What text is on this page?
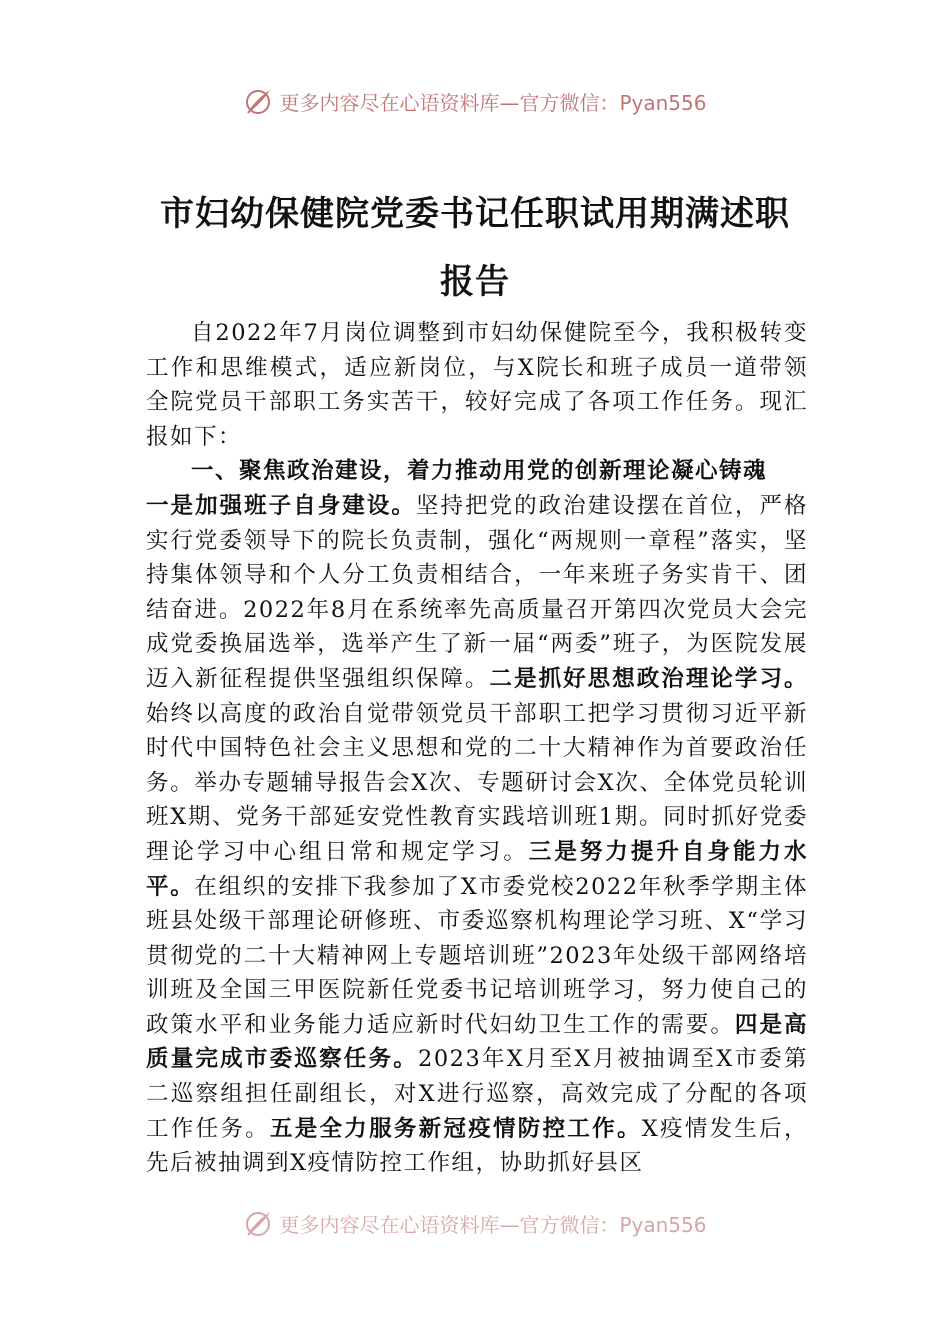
更多内容尽在心语资料库—官方微信：Pyan556
市妇幼保健院党委书记任职试用期满述职
报告

自2022年7月岗位调整到市妇幼保健院至今，我积极转变工作和思维模式，适应新岗位，与X院长和班子成员一道带领全院党员干部职工务实苦干，较好完成了各项工作任务。现汇报如下：

一、聚焦政治建设，着力推动用党的创新理论凝心铸魂

一是加强班子自身建设。坚持把党的政治建设摆在首位，严格实行党委领导下的院长负责制，强化“两规则一章程”落实，坚持集体领导和个人分工负责相结合，一年来班子务实肯干、团结奋进。2022年8月在系统率先高质量召开第四次党员大会完成党委换届选举，选举产生了新一届“两委”班子，为医院发展迈入新征程提供坚强组织保障。二是抓好思想政治理论学习。始终以高度的政治自觉带领党员干部职工把学习贯彻习近平新时代中国特色社会主义思想和党的二十大精神作为首要政治任务。举办专题辅导报告会X次、专题研讨会X次、全体党员轮训班X期、党务干部延安党性教育实践培训班1期。同时抓好党委理论学习中心组日常和规定学习。三是努力提升自身能力水平。在组织的安排下我参加了X市委党校2022年秋季学期主体班县处级干部理论研修班、市委巡察机构理论学习班、X“学习贯彻党的二十大精神网上专题培训班”2023年处级干部网络培训班及全国三甲医院新任党委书记培训班学习，努力使自己的政策水平和业务能力适应新时代妇幼卫生工作的需要。四是高质量完成市委巡察任务。2023年X月至X月被抽调至X市委第二巡察组担任副组长，对X进行巡察，高效完成了分配的各项工作任务。五是全力服务新冠疫情防控工作。X疫情发生后，先后被抽调到X疫情防控工作组，协助抓好县区

更多内容尽在心语资料库—官方微信：Pyan556
